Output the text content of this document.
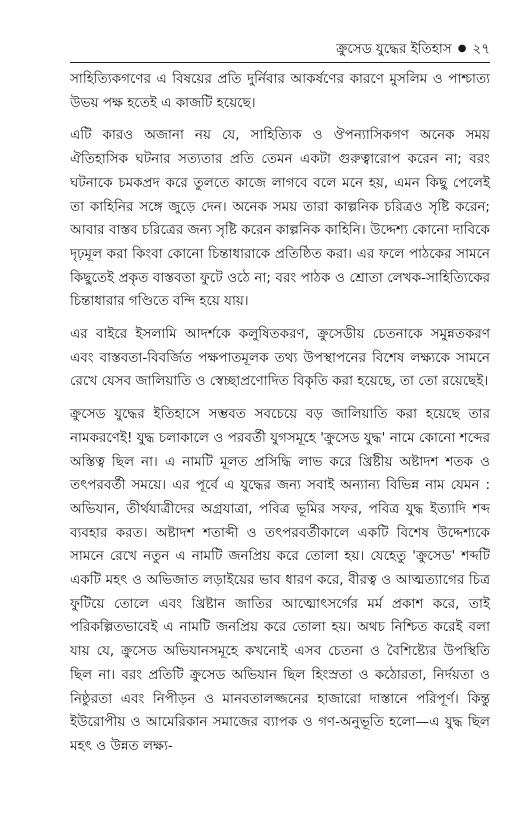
ক্রুসেড যুদ্ধের ইতিহাস ● ২৭

সাহিত্যিকগণের এ বিষয়ের প্রতি দুর্নিবার আকর্ষণের কারণে মুসলিম ও পাশ্চাত্য উভয় পক্ষ হতেই এ কাজটি হয়েছে।

এটি কারও অজানা নয় যে, সাহিত্যিক ও ঔপন্যাসিকগণ অনেক সময় ঐতিহাসিক ঘটনার সত্যতার প্রতি তেমন একটা গুরুত্বারোপ করেন না; বরং ঘটনাকে চমকপ্রদ করে তুলতে কাজে লাগবে বলে মনে হয়, এমন কিছু পেলেই তা কাহিনির সঙ্গে জুড়ে দেন। অনেক সময় তারা কাল্পনিক চরিত্রও সৃষ্টি করেন; আবার বাস্তব চরিত্রের জন্য সৃষ্টি করেন কাল্পনিক কাহিনি। উদ্দেশ্য কোনো দাবিকে দৃঢ়মূল করা কিংবা কোনো চিন্তাধারাকে প্রতিষ্ঠিত করা। এর ফলে পাঠকের সামনে কিছুতেই প্রকৃত বাস্তবতা ফুটে ওঠে না; বরং পাঠক ও শ্রোতা লেখক-সাহিত্যিকের চিন্তাধারার গণ্ডিতে বন্দি হয়ে যায়।

এর বাইরে ইসলামি আদর্শকে কলুষিতকরণ, ক্রুসেডীয় চেতনাকে সমুন্নতকরণ এবং বাস্তবতা-বিবর্জিত পক্ষপাতমূলক তথ্য উপস্থাপনের বিশেষ লক্ষ্যকে সামনে রেখে যেসব জালিয়াতি ও স্বেচ্ছাপ্রণোদিত বিকৃতি করা হয়েছে, তা তো রয়েছেই।

ক্রুসেড যুদ্ধের ইতিহাসে সম্ভবত সবচেয়ে বড় জালিয়াতি করা হয়েছে তার নামকরণেই! যুদ্ধ চলাকালে ও পরবর্তী যুগসমূহে 'ক্রুসেড যুদ্ধ' নামে কোনো শব্দের অস্তিত্ব ছিল না। এ নামটি মূলত প্রসিদ্ধি লাভ করে খ্রিষ্টীয় অষ্টাদশ শতক ও তৎপরবর্তী সময়ে। এর পূর্বে এ যুদ্ধের জন্য সবাই অন্যান্য বিভিন্ন নাম যেমন : অভিযান, তীর্থযাত্রীদের অগ্রযাত্রা, পবিত্র ভূমির সফর, পবিত্র যুদ্ধ ইত্যাদি শব্দ ব্যবহার করত। অষ্টাদশ শতাব্দী ও তৎপরবর্তীকালে একটি বিশেষ উদ্দেশ্যকে সামনে রেখে নতুন এ নামটি জনপ্রিয় করে তোলা হয়। যেহেতু 'ক্রুসেড' শব্দটি একটি মহৎ ও অভিজাত লড়াইয়ের ভাব ধারণ করে, বীরত্ব ও আত্মত্যাগের চিত্র ফুটিয়ে তোলে এবং খ্রিষ্টান জাতির আত্মোৎসর্গের মর্ম প্রকাশ করে, তাই পরিকল্পিতভাবেই এ নামটি জনপ্রিয় করে তোলা হয়। অথচ নিশ্চিত করেই বলা যায় যে, ক্রুসেড অভিযানসমূহে কখনোই এসব চেতনা ও বৈশিষ্ট্যের উপস্থিতি ছিল না। বরং প্রতিটি ক্রুসেড অভিযান ছিল হিংস্রতা ও কঠোরতা, নির্দয়তা ও নিষ্ঠুরতা এবং নিপীড়ন ও মানবতালজ্জনের হাজারো দাস্তানে পরিপূর্ণ। কিন্তু ইউরোপীয় ও আমেরিকান সমাজের ব্যাপক ও গণ-অনুভূতি হলো—এ যুদ্ধ ছিল মহৎ ও উন্নত লক্ষ্য-
